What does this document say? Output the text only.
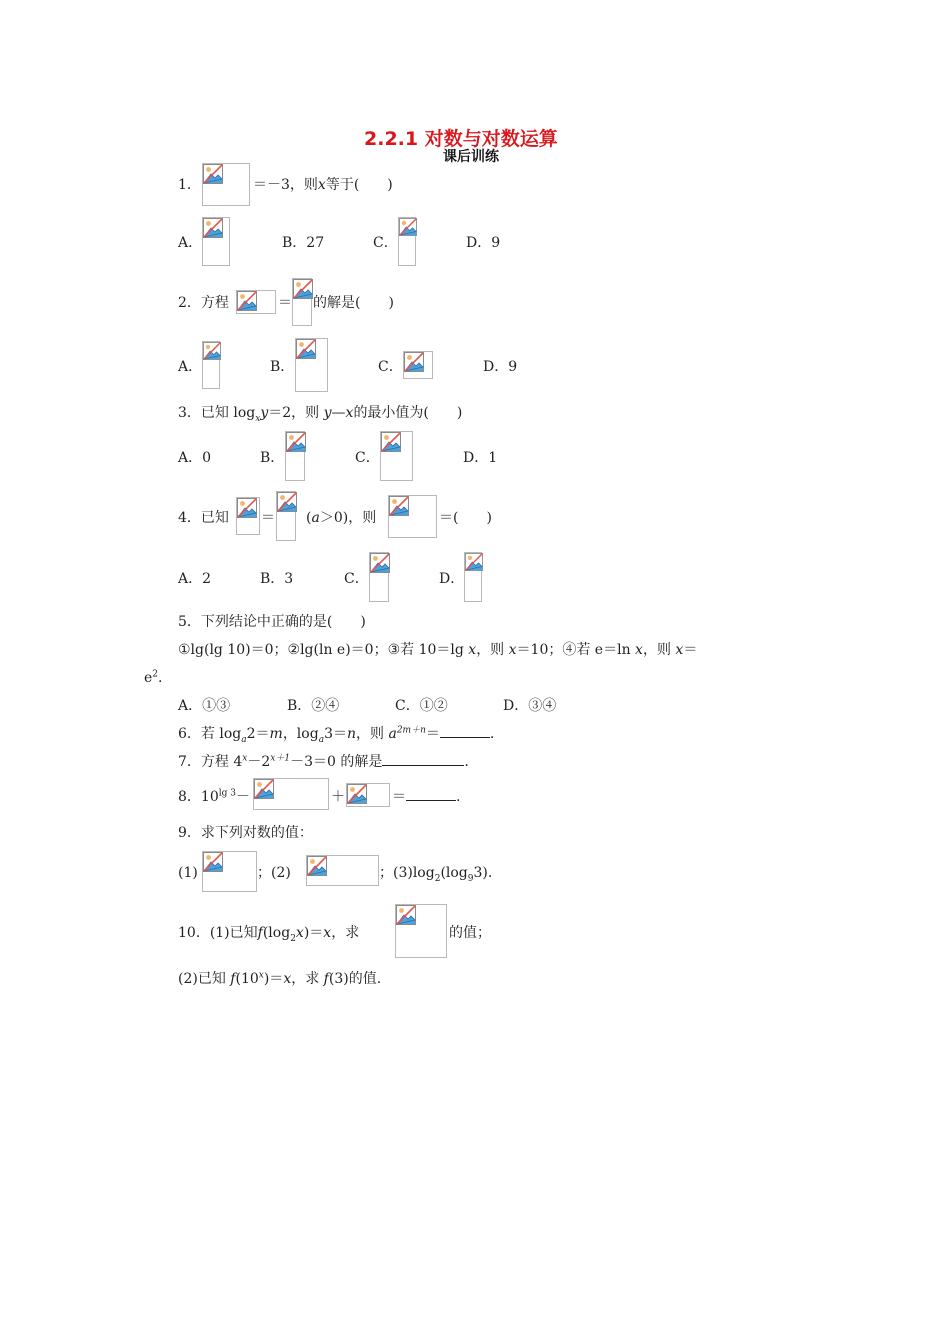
2.2.1 对数与对数运算
课后训练
1．	＝－3，则x等于(　　)
A．	B．27	C．	D．9
2．方程	＝ 的解是(　　)
A．	B．	C．	D．9
3．已知 $\log_xy=2$，则 y—x的最小值为(　　)
A．0	B．	C．	D．1
4．已知 ＝ (a＞0)，则	＝(　　)
A．2	B．3	C．	D．
5．下列结论中正确的是(　　)
①lg(lg 10)＝0；②lg(ln e)＝0；③若 10＝lg x，则 x＝10；④若 e＝ln x，则 x＝
$e^2$.
A．①③	B．②④	C．①②	D．③④
6．若 $\log_a2=m$，$\log_a3=n$，则 $a^{2m+n}=$	.
7．方程 $4^x-2^{x+1}-3=0$ 的解是	.
8．$10^{lg 3}-$	＋	＝	.
9．求下列对数的值：
(1)	；(2)	；$(3)\log_2(\log_93)$.
10．(1)已知$f(\log_2x)=x$，求	的值；
(2)已知 $f(10^x)=x$，求 f(3)的值.
